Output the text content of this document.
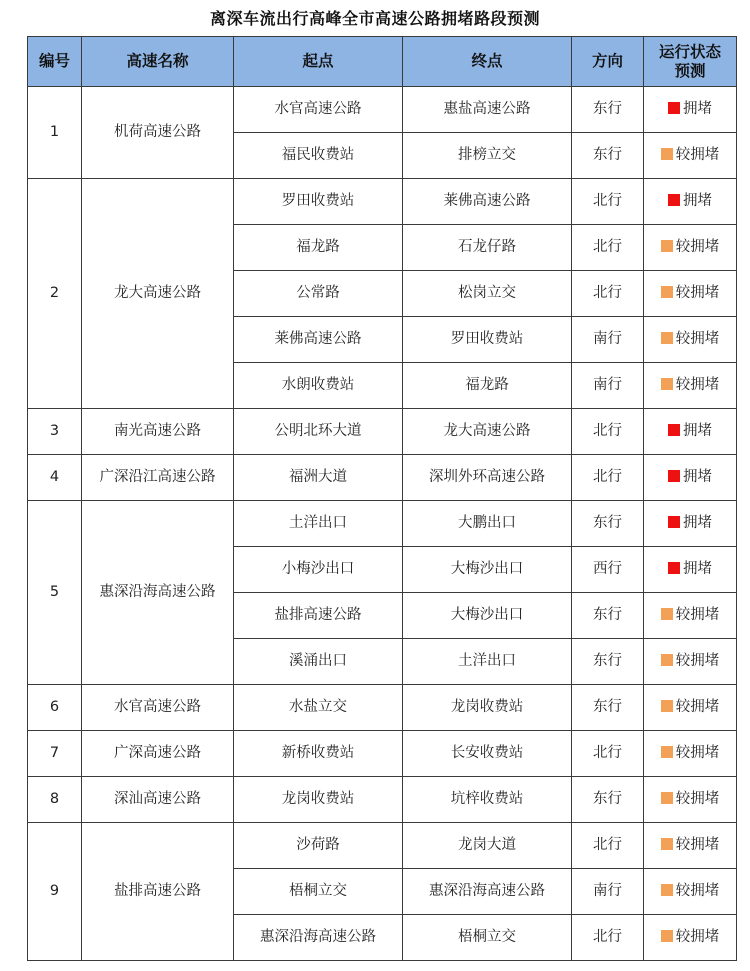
离深车流出行高峰全市高速公路拥堵路段预测
编号	高速名称	起点	终点	方向	运行状态预测
1	机荷高速公路	水官高速公路	惠盐高速公路	东行	拥堵
		福民收费站	排榜立交	东行	较拥堵
2	龙大高速公路	罗田收费站	莱佛高速公路	北行	拥堵
		福龙路	石龙仔路	北行	较拥堵
		公常路	松岗立交	北行	较拥堵
		莱佛高速公路	罗田收费站	南行	较拥堵
		水朗收费站	福龙路	南行	较拥堵
3	南光高速公路	公明北环大道	龙大高速公路	北行	拥堵
4	广深沿江高速公路	福洲大道	深圳外环高速公路	北行	拥堵
5	惠深沿海高速公路	土洋出口	大鹏出口	东行	拥堵
		小梅沙出口	大梅沙出口	西行	拥堵
		盐排高速公路	大梅沙出口	东行	较拥堵
		溪涌出口	土洋出口	东行	较拥堵
6	水官高速公路	水盐立交	龙岗收费站	东行	较拥堵
7	广深高速公路	新桥收费站	长安收费站	北行	较拥堵
8	深汕高速公路	龙岗收费站	坑梓收费站	东行	较拥堵
9	盐排高速公路	沙荷路	龙岗大道	北行	较拥堵
		梧桐立交	惠深沿海高速公路	南行	较拥堵
		惠深沿海高速公路	梧桐立交	北行	较拥堵
